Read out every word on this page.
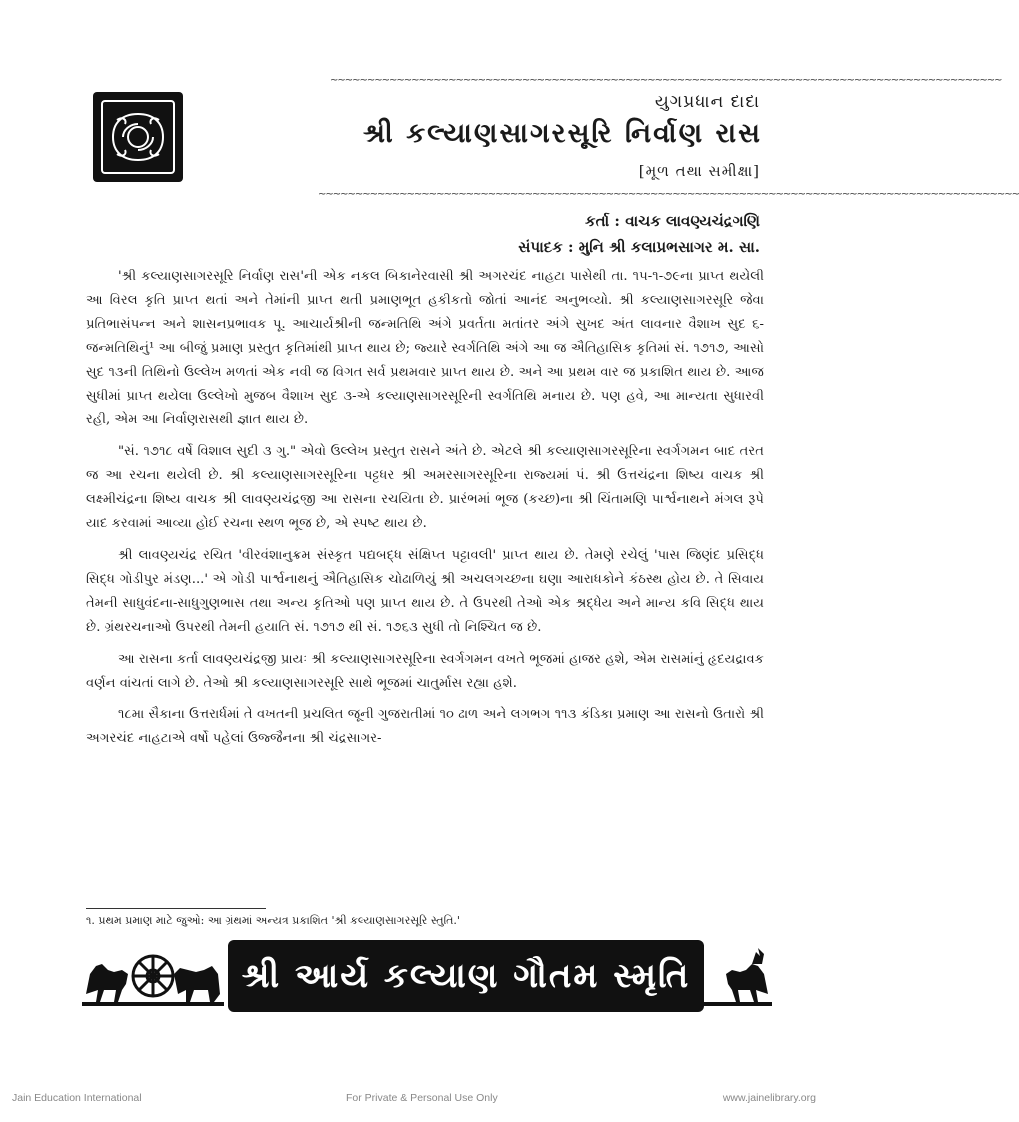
~~~~~~~~~~~~~~~~~~~~~~~~~~~~~~~~~~~~~~~~~~~~~~~~~~~~~~~~~~~~~~~~~~~~~~~~~~~~~~~~~~~~~~~~~~~
યુગપ્રધાન દાદા
શ્રી કલ્યાણસાગરસૂરિ નિર્વાણ રાસ
[મૂળ તથા સમીક્ષા]
~~~~~~~~~~~~~~~~~~~~~~~~~~~~~~~~~~~~~~~~~~~~~~~~~~~~~~~~~~~~~~~~~~~~~~~~~~~~~~~~~~~~~~~~~~~~~~~
કર્તા : વાચક લાવણ્યચંદ્રગણિ
સંપાદક : મુનિ શ્રી કલાપ્રભસાગર મ. સા.

'શ્રી કલ્યાણસાગરસૂરિ નિર્વાણ રાસ'ની એક નકલ બિકાનેરવાસી શ્રી અગરચંદ નાહટા પાસેથી તા. ૧૫-૧-૭૯ના પ્રાપ્ત થયેલી આ વિરલ કૃતિ પ્રાપ્ત થતાં અને તેમાંની પ્રાપ્ત થતી પ્રમાણભૂત હકીકતો જોતાં આનંદ અનુભવ્યો. શ્રી કલ્યાણસાગરસૂરિ જેવા પ્રતિભાસંપન્ન અને શાસનપ્રભાવક પૂ. આચાર્યશ્રીની જન્મતિથિ અંગે પ્રવર્તતા મતાંતર અંગે સુખદ અંત લાવનાર વૈશાખ સુદ ૬-જન્મતિથિનું¹ આ બીજું પ્રમાણ પ્રસ્તુત કૃતિમાંથી પ્રાપ્ત થાય છે; જ્યારે સ્વર્ગતિથિ અંગે આ જ ઐતિહાસિક કૃતિમાં સં. ૧૭૧૭, આસો સુદ ૧૩ની તિથિનો ઉલ્લેખ મળતાં એક નવી જ વિગત સર્વ પ્રથમવાર પ્રાપ્ત થાય છે. અને આ પ્રથમ વાર જ પ્રકાશિત થાય છે. આજ સુધીમાં પ્રાપ્ત થયેલા ઉલ્લેખો મુજબ વૈશાખ સુદ ૩-એ કલ્યાણસાગરસૂરિની સ્વર્ગતિથિ મનાય છે. પણ હવે, આ માન્યતા સુધારવી રહી, એમ આ નિર્વાણરાસથી જ્ઞાત થાય છે.

"સં. ૧૭૧૮ વર્ષે વિશાલ સુદી ૩ ગુ." એવો ઉલ્લેખ પ્રસ્તુત રાસને અંતે છે. એટલે શ્રી કલ્યાણસાગરસૂરિના સ્વર્ગગમન બાદ તરત જ આ રચના થયેલી છે. શ્રી કલ્યાણસાગરસૂરિના પટ્ટધર શ્રી અમરસાગરસૂરિના રાજ્યમાં પં. શ્રી ઉત્તચંદ્રના શિષ્ય વાચક શ્રી લક્ષ્મીચંદ્રના શિષ્ય વાચક શ્રી લાવણ્યચંદ્રજી આ રાસના રચયિતા છે. પ્રારંભમાં ભૂજ (કચ્છ)ના શ્રી ચિંતામણિ પાર્શ્વનાથને મંગલ રૂપે યાદ કરવામાં આવ્યા હોઈ રચના સ્થળ ભૂજ છે, એ સ્પષ્ટ થાય છે.

શ્રી લાવણ્યચંદ્ર રચિત 'વીરવંશાનુક્રમ સંસ્કૃત પદ્યબદ્ધ સંક્ષિપ્ત પટ્ટાવલી' પ્રાપ્ત થાય છે. તેમણે રચેલું 'પાસ જિણંદ પ્રસિદ્ધ સિદ્ધ ગોડીપુર મંડણ...' એ ગોડી પાર્શ્વનાથનું ઐતિહાસિક ચોઢાળિયું શ્રી અચલગચ્છના ઘણા આરાધકોને કંઠસ્થ હોય છે. તે સિવાય તેમની સાધુવંદના-સાધુગુણભાસ તથા અન્ય કૃતિઓ પણ પ્રાપ્ત થાય છે. તે ઉપરથી તેઓ એક શ્રદ્ધેય અને માન્ય કવિ સિદ્ધ થાય છે. ગ્રંથરચનાઓ ઉપરથી તેમની હયાતિ સં. ૧૭૧૭ થી સં. ૧૭૬૩ સુધી તો નિશ્ચિત જ છે.

આ રાસના કર્તા લાવણ્યચંદ્રજી પ્રાયઃ શ્રી કલ્યાણસાગરસૂરિના સ્વર્ગગમન વખતે ભૂજમાં હાજર હશે, એમ રાસમાંનું હૃદયદ્રાવક વર્ણન વાંચતાં લાગે છે. તેઓ શ્રી કલ્યાણસાગરસૂરિ સાથે ભૂજમાં ચાતુર્માસ રહ્યા હશે.

૧૮મા સૈકાના ઉત્તરાર્ધમાં તે વખતની પ્રચલિત જૂની ગુજરાતીમાં ૧૦ ઢાળ અને લગભગ ૧૧૩ કંડિકા પ્રમાણ આ રાસનો ઉતારો શ્રી અગરચંદ નાહટાએ વર્ષો પહેલાં ઉજ્જૈનના શ્રી ચંદ્રસાગર-

૧. પ્રથમ પ્રમાણ માટે જુઓ: આ ગ્રંથમાં અન્યત્ર પ્રકાશિત 'શ્રી કલ્યાણસાગરસૂરિ સ્તુતિ.'
શ્રી આર્ય કલ્યાણ ગૌતમ સ્મૃતિ ગ્રંથ
Jain Education International	For Private & Personal Use Only	www.jainelibrary.org
